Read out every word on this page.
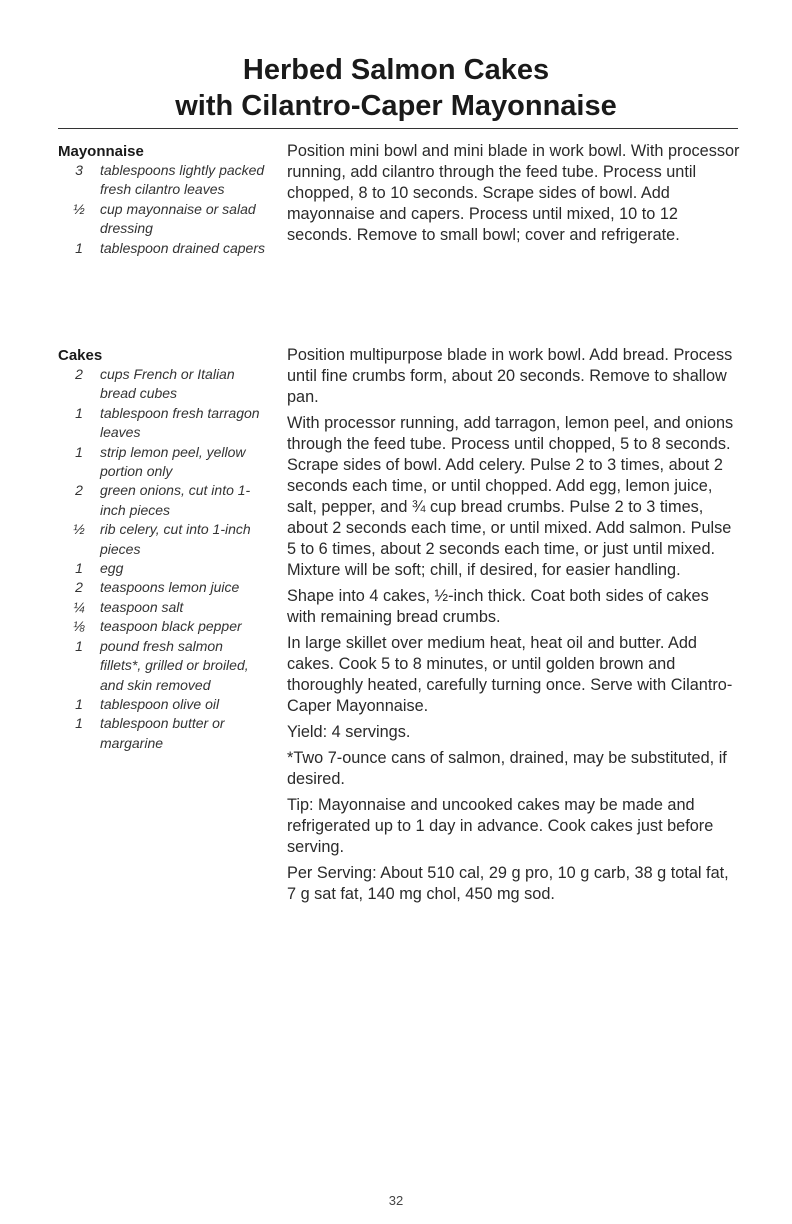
Herbed Salmon Cakes
with Cilantro-Caper Mayonnaise
Mayonnaise
3	tablespoons lightly packed fresh cilantro leaves
½	cup mayonnaise or salad dressing
1	tablespoon drained capers

Position mini bowl and mini blade in work bowl. With processor running, add cilantro through the feed tube. Process until chopped, 8 to 10 seconds. Scrape sides of bowl. Add mayonnaise and capers. Process until mixed, 10 to 12 seconds. Remove to small bowl; cover and refrigerate.

Cakes
2	cups French or Italian bread cubes
1	tablespoon fresh tarragon leaves
1	strip lemon peel, yellow portion only
2	green onions, cut into 1-inch pieces
½	rib celery, cut into 1-inch pieces
1	egg
2	teaspoons lemon juice
¼	teaspoon salt
⅛	teaspoon black pepper
1	pound fresh salmon fillets*, grilled or broiled, and skin removed
1	tablespoon olive oil
1	tablespoon butter or margarine

Position multipurpose blade in work bowl. Add bread. Process until fine crumbs form, about 20 seconds. Remove to shallow pan.

With processor running, add tarragon, lemon peel, and onions through the feed tube. Process until chopped, 5 to 8 seconds. Scrape sides of bowl. Add celery. Pulse 2 to 3 times, about 2 seconds each time, or until chopped. Add egg, lemon juice, salt, pepper, and ¾ cup bread crumbs. Pulse 2 to 3 times, about 2 seconds each time, or until mixed. Add salmon. Pulse 5 to 6 times, about 2 seconds each time, or just until mixed. Mixture will be soft; chill, if desired, for easier handling.

Shape into 4 cakes, ½-inch thick. Coat both sides of cakes with remaining bread crumbs.

In large skillet over medium heat, heat oil and butter. Add cakes. Cook 5 to 8 minutes, or until golden brown and thoroughly heated, carefully turning once. Serve with Cilantro-Caper Mayonnaise.

Yield: 4 servings.

*Two 7-ounce cans of salmon, drained, may be substituted, if desired.

Tip: Mayonnaise and uncooked cakes may be made and refrigerated up to 1 day in advance. Cook cakes just before serving.

Per Serving: About 510 cal, 29 g pro, 10 g carb, 38 g total fat, 7 g sat fat, 140 mg chol, 450 mg sod.

32
